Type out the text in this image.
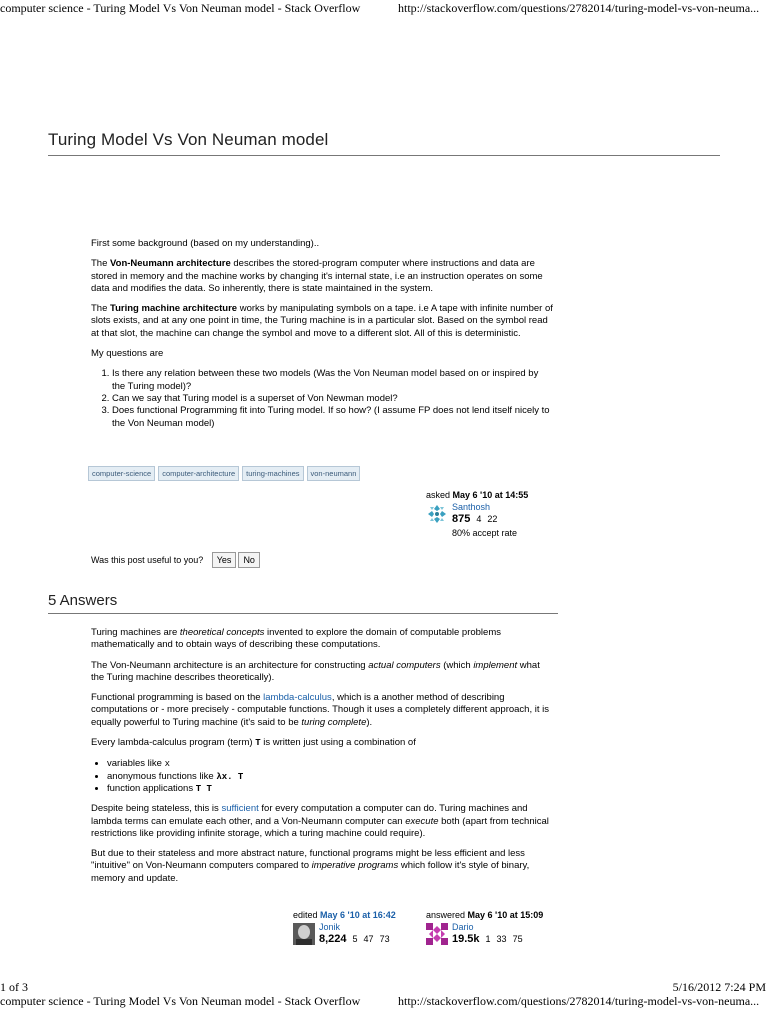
computer science - Turing Model Vs Von Neuman model - Stack Overflow	http://stackoverflow.com/questions/2782014/turing-model-vs-von-neuma...
Turing Model Vs Von Neuman model

First some background (based on my understanding)..

The Von-Neumann architecture describes the stored-program computer where instructions and data are stored in memory and the machine works by changing it's internal state, i.e an instruction operates on some data and modifies the data. So inherently, there is state maintained in the system.

The Turing machine architecture works by manipulating symbols on a tape. i.e A tape with infinite number of slots exists, and at any one point in time, the Turing machine is in a particular slot. Based on the symbol read at that slot, the machine can change the symbol and move to a different slot. All of this is deterministic.

My questions are

1. Is there any relation between these two models (Was the Von Neuman model based on or inspired by the Turing model)?
2. Can we say that Turing model is a superset of Von Newman model?
3. Does functional Programming fit into Turing model. If so how? (I assume FP does not lend itself nicely to the Von Neuman model)
computer-science computer-architecture turing-machines von-neumann
asked May 6 '10 at 14:55
Santhosh
875 4 22
80% accept rate
Was this post useful to you? Yes No
5 Answers

Turing machines are theoretical concepts invented to explore the domain of computable problems mathematically and to obtain ways of describing these computations.

The Von-Neumann architecture is an architecture for constructing actual computers (which implement what the Turing machine describes theoretically).

Functional programming is based on the lambda-calculus, which is a another method of describing computations or - more precisely - computable functions. Though it uses a completely different approach, it is equally powerful to Turing machine (it's said to be turing complete).

Every lambda-calculus program (term) T is written just using a combination of

• variables like x
• anonymous functions like λx. T
• function applications T T

Despite being stateless, this is sufficient for every computation a computer can do. Turing machines and lambda terms can emulate each other, and a Von-Neumann computer can execute both (apart from technical restrictions like providing infinite storage, which a turing machine could require).

But due to their stateless and more abstract nature, functional programs might be less efficient and less "intuitive" on Von-Neumann computers compared to imperative programs which follow it's style of binary, memory and update.

edited May 6 '10 at 16:42
Jonik
8,224 5 47 73
answered May 6 '10 at 15:09
Dario
19.5k 1 33 75
1 of 3	5/16/2012 7:24 PM
computer science - Turing Model Vs Von Neuman model - Stack Overflow	http://stackoverflow.com/questions/2782014/turing-model-vs-von-neuma...
